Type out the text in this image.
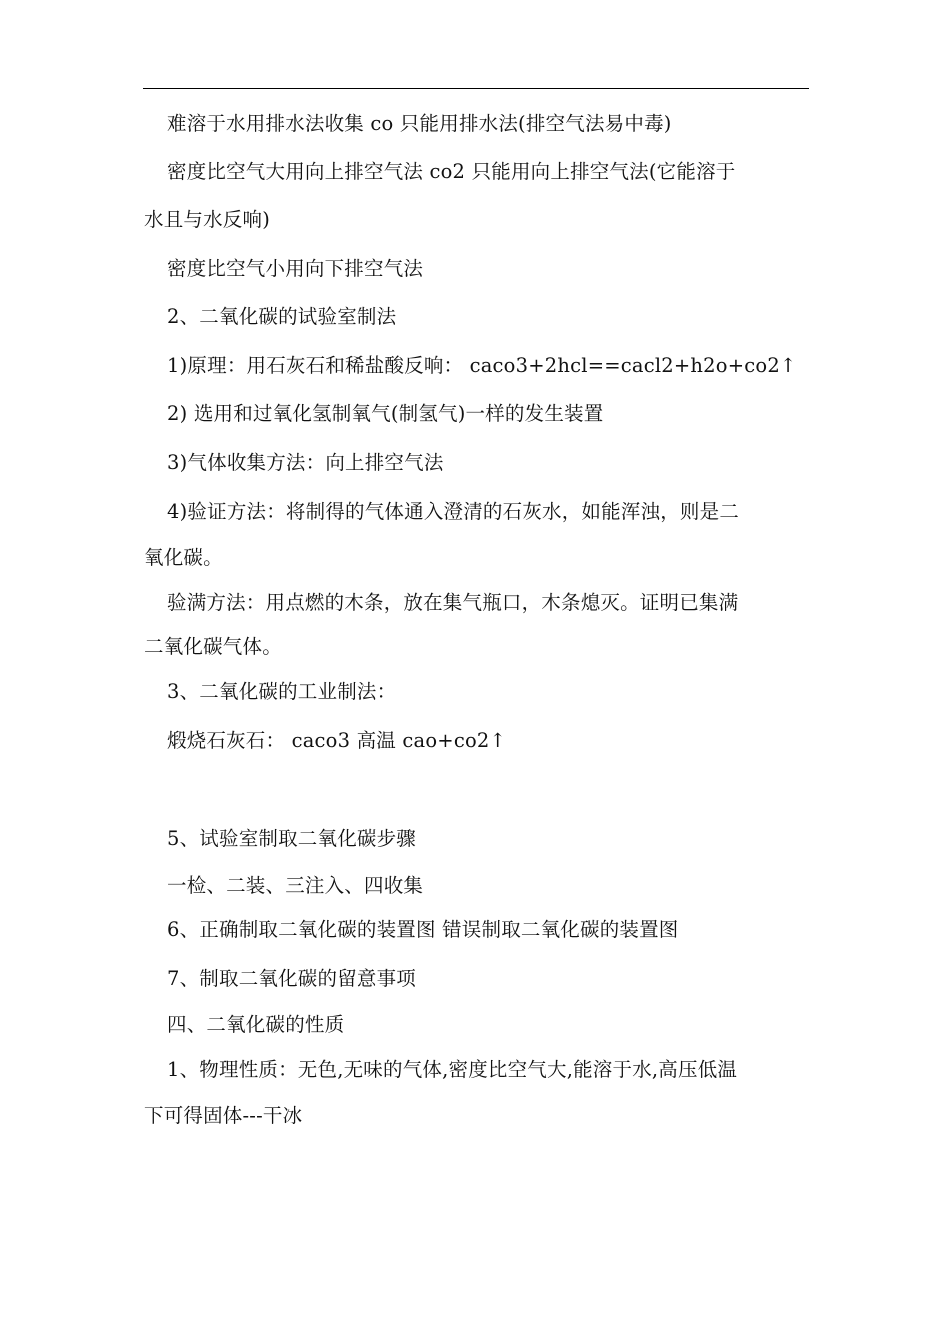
难溶于水用排水法收集 co 只能用排水法(排空气法易中毒)
密度比空气大用向上排空气法 co2 只能用向上排空气法(它能溶于
水且与水反响)
密度比空气小用向下排空气法
2、二氧化碳的试验室制法
1)原理：用石灰石和稀盐酸反响： caco3+2hcl==cacl2+h2o+co2↑
2) 选用和过氧化氢制氧气(制氢气)一样的发生装置
3)气体收集方法：向上排空气法
4)验证方法：将制得的气体通入澄清的石灰水，如能浑浊，则是二
氧化碳。
验满方法：用点燃的木条，放在集气瓶口，木条熄灭。证明已集满
二氧化碳气体。
3、二氧化碳的工业制法：
煅烧石灰石： caco3 高温 cao+co2↑
5、试验室制取二氧化碳步骤
一检、二装、三注入、四收集
6、正确制取二氧化碳的装置图 错误制取二氧化碳的装置图
7、制取二氧化碳的留意事项
四、二氧化碳的性质
1、物理性质：无色,无味的气体,密度比空气大,能溶于水,高压低温
下可得固体---干冰
